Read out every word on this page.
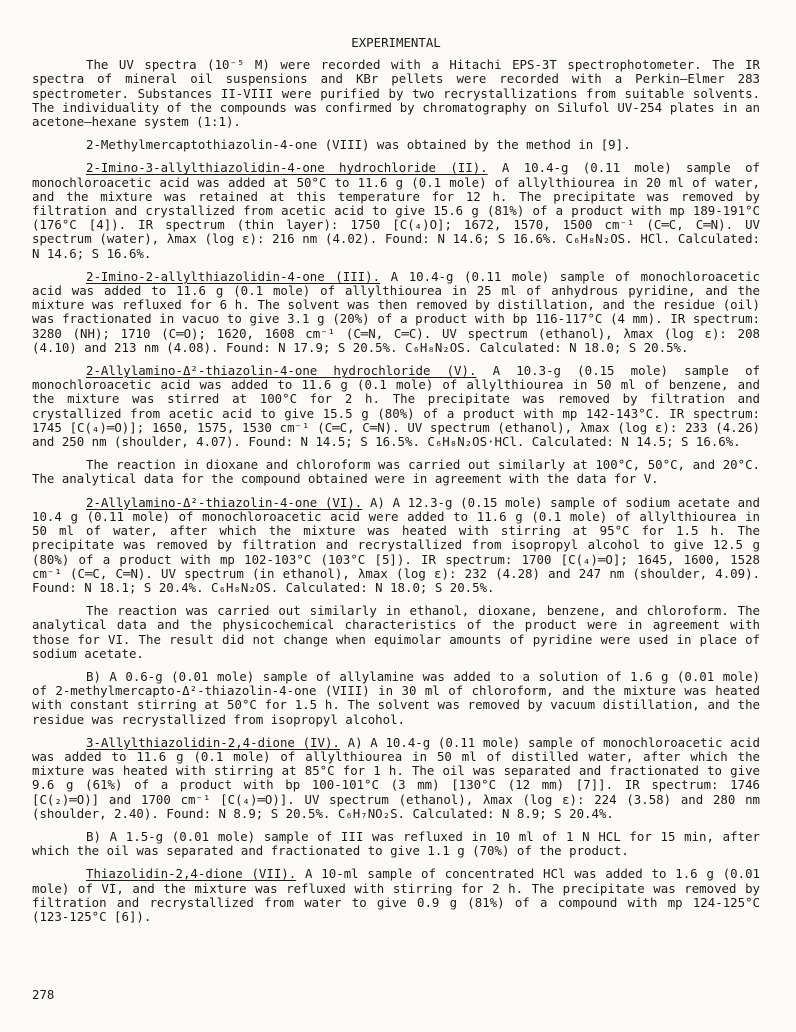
EXPERIMENTAL

The UV spectra (10⁻⁵ M) were recorded with a Hitachi EPS-3T spectrophotometer. The IR spectra of mineral oil suspensions and KBr pellets were recorded with a Perkin–Elmer 283 spectrometer. Substances II-VIII were purified by two recrystallizations from suitable solvents. The individuality of the compounds was confirmed by chromatography on Silufol UV-254 plates in an acetone–hexane system (1:1).

2-Methylmercaptothiazolin-4-one (VIII) was obtained by the method in [9].

2-Imino-3-allylthiazolidin-4-one hydrochloride (II). A 10.4-g (0.11 mole) sample of monochloroacetic acid was added at 50°C to 11.6 g (0.1 mole) of allylthiourea in 20 ml of water, and the mixture was retained at this temperature for 12 h. The precipitate was removed by filtration and crystallized from acetic acid to give 15.6 g (81%) of a product with mp 189-191°C (176°C [4]). IR spectrum (thin layer): 1750 [C(₄)O]; 1672, 1570, 1500 cm⁻¹ (C═C, C═N). UV spectrum (water), λmax (log ε): 216 nm (4.02). Found: N 14.6; S 16.6%. C₆H₈N₂OS. HCl. Calculated: N 14.6; S 16.6%.

2-Imino-2-allylthiazolidin-4-one (III). A 10.4-g (0.11 mole) sample of monochloroacetic acid was added to 11.6 g (0.1 mole) of allylthiourea in 25 ml of anhydrous pyridine, and the mixture was refluxed for 6 h. The solvent was then removed by distillation, and the residue (oil) was fractionated in vacuo to give 3.1 g (20%) of a product with bp 116-117°C (4 mm). IR spectrum: 3280 (NH); 1710 (C═O); 1620, 1608 cm⁻¹ (C═N, C═C). UV spectrum (ethanol), λmax (log ε): 208 (4.10) and 213 nm (4.08). Found: N 17.9; S 20.5%. C₆H₈N₂OS. Calculated: N 18.0; S 20.5%.

2-Allylamino-Δ²-thiazolin-4-one hydrochloride (V). A 10.3-g (0.15 mole) sample of monochloroacetic acid was added to 11.6 g (0.1 mole) of allylthiourea in 50 ml of benzene, and the mixture was stirred at 100°C for 2 h. The precipitate was removed by filtration and crystallized from acetic acid to give 15.5 g (80%) of a product with mp 142-143°C. IR spectrum: 1745 [C(₄)═O)]; 1650, 1575, 1530 cm⁻¹ (C═C, C═N). UV spectrum (ethanol), λmax (log ε): 233 (4.26) and 250 nm (shoulder, 4.07). Found: N 14.5; S 16.5%. C₆H₈N₂OS·HCl. Calculated: N 14.5; S 16.6%.

The reaction in dioxane and chloroform was carried out similarly at 100°C, 50°C, and 20°C. The analytical data for the compound obtained were in agreement with the data for V.

2-Allylamino-Δ²-thiazolin-4-one (VI). A) A 12.3-g (0.15 mole) sample of sodium acetate and 10.4 g (0.11 mole) of monochloroacetic acid were added to 11.6 g (0.1 mole) of allylthiourea in 50 ml of water, after which the mixture was heated with stirring at 95°C for 1.5 h. The precipitate was removed by filtration and recrystallized from isopropyl alcohol to give 12.5 g (80%) of a product with mp 102-103°C (103°C [5]). IR spectrum: 1700 [C(₄)═O]; 1645, 1600, 1528 cm⁻¹ (C═C, C═N). UV spectrum (in ethanol), λmax (log ε): 232 (4.28) and 247 nm (shoulder, 4.09). Found: N 18.1; S 20.4%. C₆H₈N₂OS. Calculated: N 18.0; S 20.5%.

The reaction was carried out similarly in ethanol, dioxane, benzene, and chloroform. The analytical data and the physicochemical characteristics of the product were in agreement with those for VI. The result did not change when equimolar amounts of pyridine were used in place of sodium acetate.

B) A 0.6-g (0.01 mole) sample of allylamine was added to a solution of 1.6 g (0.01 mole) of 2-methylmercapto-Δ²-thiazolin-4-one (VIII) in 30 ml of chloroform, and the mixture was heated with constant stirring at 50°C for 1.5 h. The solvent was removed by vacuum distillation, and the residue was recrystallized from isopropyl alcohol.

3-Allylthiazolidin-2,4-dione (IV). A) A 10.4-g (0.11 mole) sample of monochloroacetic acid was added to 11.6 g (0.1 mole) of allylthiourea in 50 ml of distilled water, after which the mixture was heated with stirring at 85°C for 1 h. The oil was separated and fractionated to give 9.6 g (61%) of a product with bp 100-101°C (3 mm) [130°C (12 mm) [7]]. IR spectrum: 1746 [C(₂)═O)] and 1700 cm⁻¹ [C(₄)═O)]. UV spectrum (ethanol), λmax (log ε): 224 (3.58) and 280 nm (shoulder, 2.40). Found: N 8.9; S 20.5%. C₆H₇NO₂S. Calculated: N 8.9; S 20.4%.

B) A 1.5-g (0.01 mole) sample of III was refluxed in 10 ml of 1 N HCL for 15 min, after which the oil was separated and fractionated to give 1.1 g (70%) of the product.

Thiazolidin-2,4-dione (VII). A 10-ml sample of concentrated HCl was added to 1.6 g (0.01 mole) of VI, and the mixture was refluxed with stirring for 2 h. The precipitate was removed by filtration and recrystallized from water to give 0.9 g (81%) of a compound with mp 124-125°C (123-125°C [6]).

278
